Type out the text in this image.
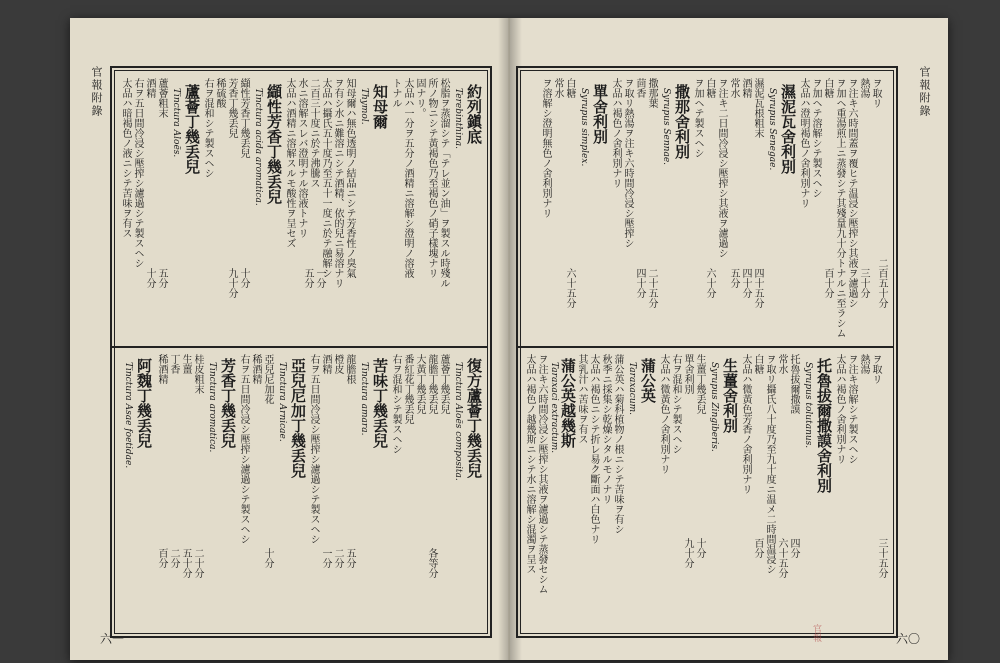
官報附錄
六一
約列鎭底
Terebinthina.
松脂ヲ蒸溜シテ「テレ並ン油」ヲ製スル時殘ル
所ノ物ニシテ黃褐色乃至褐色ノ硝子樣塊ナリ
固ナリ。
太品ハ一分ヲ五分ノ酒精ニ溶解シ澄明ノ溶液
トナル
知母爾
Thymol.
知母爾ハ無色透明ノ結晶ニシテ芳香性ノ臭氣
ヲ有シ水ニ難溶ニシテ酒精、依的兒ニ易溶ナリ
太品ハ攝氏五十度乃至五十一度ニ於テ融解シ
二百三十度ニ於テ沸騰ス
水ニ溶解スレバ澄明ナル溶液トナリ
太品ハ酒精ニ溶解スルモ酸性ヲ呈セズ
纈性芳香丁幾丢兒
Tinctura acida aromatica.
纈性芳香丁幾丢兒
芳香丁幾丢兒
稀硫酸
右ヲ混和シテ製スヘシ
蘆薈丁幾丢兒
Tinctura Aloës.
蘆薈粗末
酒精
右ヲ五日間冷浸シ壓搾シ濾過シテ製スヘシ
太品ハ暗褐色ノ液ニシテ苦味ヲ有ス
一分
五分
十分
九十分
五分
十分
復方蘆薈丁幾丢兒
Tinctura Aloës composita.
蘆薈丁幾丢兒
龍膽丁幾丢兒
大黃丁幾丢兒
番紅花丁幾丢兒
右ヲ混和シテ製スヘシ
苦味丁幾丢兒
Tinctura amara.
龍膽根
橙皮
酒精
右ヲ五日間冷浸シ壓搾シ濾過シテ製スヘシ
亞兒尼加丁幾丢兒
Tinctura Arnicae.
亞兒尼加花
稀酒精
右ヲ五日間冷浸シ壓搾シ濾過シテ製スヘシ
芳香丁幾丢兒
Tinctura aromatica.
桂皮粗末
生薑
丁香
稀酒精
阿魏丁幾丢兒
Tinctura Asae foetidae.
各等分
五分
二分
一分
十分
二十分
五十分
二分
百分
官報附錄
六〇
ヲ取リ
熱湯
ヲ注キ六時間蓋ヲ覆ヒテ温浸シ壓搾シ其液ヲ濾過シ
ヲ加ヘ重湯煎上ニ蒸發シテ其殘量九十分トナルニ至ラシム
白糖
ヲ加ヘテ溶解シテ製スヘシ
太品ハ澄明褐色ノ舍利別ナリ
濕泥瓦舍利別
Syrupus Senegae.
濕泥瓦根粗末
酒精
常水
ヲ注キ二日間冷浸シ壓搾シ其液ヲ濾過シ
白糖
ヲ加ヘテ製スヘシ
撒那舍利別
Syrupus Sennae.
撒那葉
茴香
ヲ取リ熱湯ヲ注キ六時間冷浸シ壓搾シ
太品ハ褐色ノ舍利別ナリ
單舍利別
Syrupus simplex.
白糖
常水
ヲ溶解シ澄明無色ノ舍利別ナリ
二百五十分
三十分
百十分
四十五分
四十分
五分
六十分
二十五分
四十分
六十五分
ヲ取リ
熱湯
ヲ注キ溶解シテ製スヘシ
太品ハ褐色ノ舍利別ナリ
托魯拔爾撒謨舍利別
Syrupus tolutanus.
托魯拔爾撒謨
常水
ヲ取リ攝氏八十度乃至九十度ニ温メ二時間温浸シ
白糖
太品ハ微黃色芳香ノ舍利別ナリ
生薑舍利別
Syrupus Zingiberis.
生薑丁幾丢兒
單舍利別
右ヲ混和シテ製スヘシ
太品ハ微黃色ノ舍利別ナリ
蒲公英
Taraxacum.
蒲公英ハ菊科植物ノ根ニシテ苦味ヲ有シ
秋季ニ採集シ乾燥シタルモノナリ
太品ハ褐色ニシテ折レ易ク斷面ハ白色ナリ
其乳汁ハ苦味ヲ有ス
蒲公英越幾斯
Taraxaci extractum.
ヲ注キ六時間冷浸シ壓搾シ其液ヲ濾過シテ蒸發セシム
太品ハ褐色ノ越幾斯ニシテ水ニ溶解シ混濁ヲ呈ス	三十五分
四分
六十五分
百分
十分
九十分
官報
